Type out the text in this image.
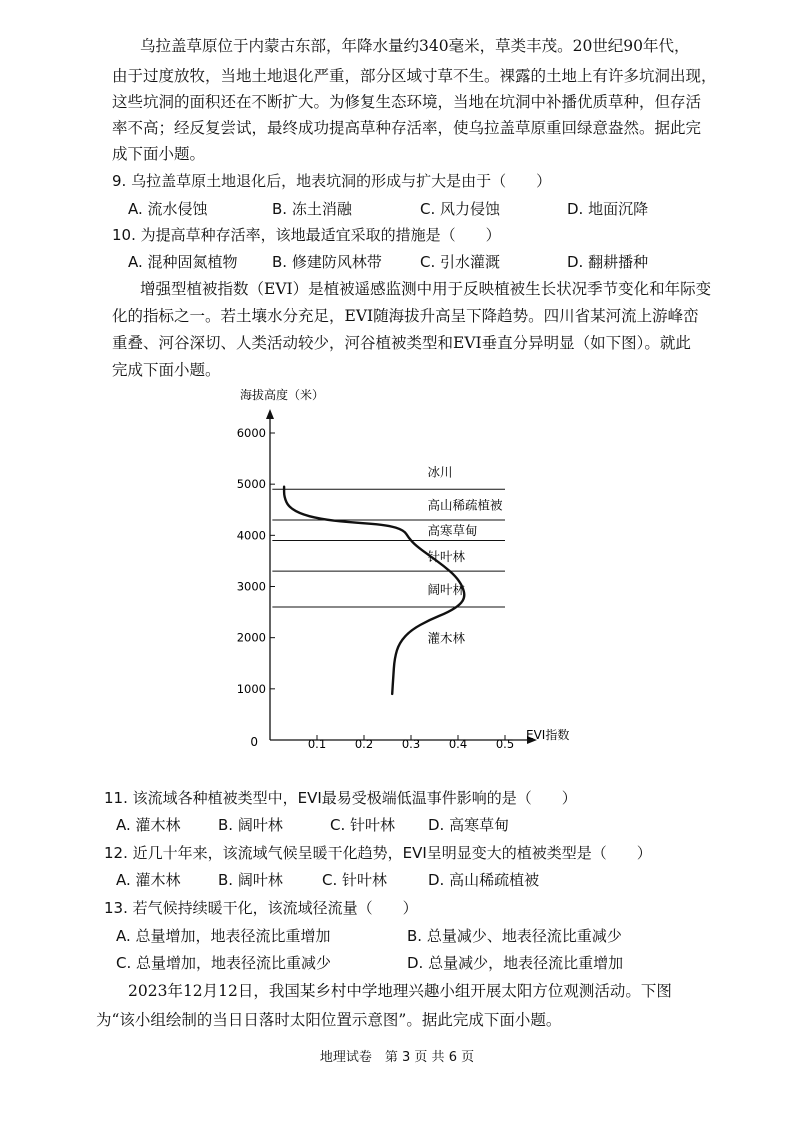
乌拉盖草原位于内蒙古东部，年降水量约340毫米，草类丰茂。20世纪90年代，
由于过度放牧，当地土地退化严重，部分区域寸草不生。裸露的土地上有许多坑洞出现，
这些坑洞的面积还在不断扩大。为修复生态环境，当地在坑洞中补播优质草种，但存活
率不高；经反复尝试，最终成功提高草种存活率，使乌拉盖草原重回绿意盎然。据此完
成下面小题。
9. 乌拉盖草原土地退化后，地表坑洞的形成与扩大是由于（　　）
A. 流水侵蚀	B. 冻土消融	C. 风力侵蚀	D. 地面沉降
10. 为提高草种存活率，该地最适宜采取的措施是（　　）
A. 混种固氮植物 B. 修建防风林带	C. 引水灌溉	D. 翻耕播种
增强型植被指数（EVI）是植被遥感监测中用于反映植被生长状况季节变化和年际变
化的指标之一。若土壤水分充足，EVI随海拔升高呈下降趋势。四川省某河流上游峰峦
重叠、河谷深切、人类活动较少，河谷植被类型和EVI垂直分异明显（如下图）。就此
完成下面小题。
海拔高度（米）
EVI指数
0
1000
2000
3000
4000
5000
6000
0.1 0.2 0.3 0.4 0.5
冰川
高山稀疏植被
高寒草甸
针叶林
阔叶林
灌木林
11. 该流域各种植被类型中，EVI最易受极端低温事件影响的是（　　）
A. 灌木林 B. 阔叶林	C. 针叶林 D. 高寒草甸
12. 近几十年来，该流域气候呈暖干化趋势，EVI呈明显变大的植被类型是（　　）
A. 灌木林 B. 阔叶林	C. 针叶林	D. 高山稀疏植被
13. 若气候持续暖干化，该流域径流量（　　）
A. 总量增加，地表径流比重增加	B. 总量减少、地表径流比重减少
C. 总量增加，地表径流比重减少	D. 总量减少，地表径流比重增加
2023年12月12日，我国某乡村中学地理兴趣小组开展太阳方位观测活动。下图
为“该小组绘制的当日日落时太阳位置示意图”。据此完成下面小题。
地理试卷　第 3 页 共 6 页
